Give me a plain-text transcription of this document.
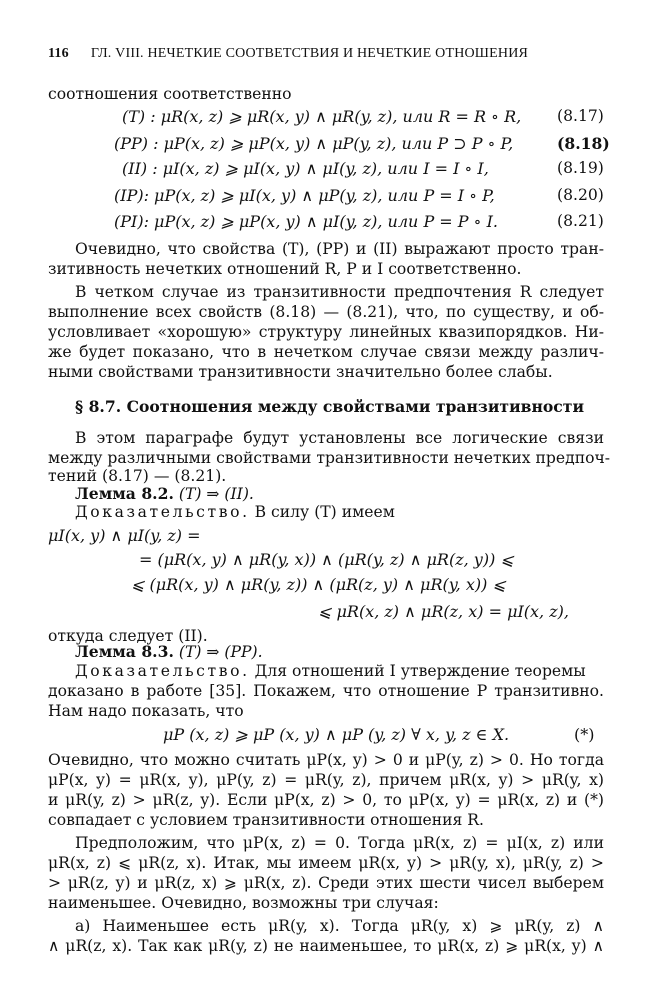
116 ГЛ. VIII. НЕЧЕТКИЕ СООТВЕТСТВИЯ И НЕЧЕТКИЕ ОТНОШЕНИЯ
соотношения соответственно
(T) : μR(x, z) ⩾ μR(x, y) ∧ μR(y, z), или R = R ∘ R,	(8.17)
(PP) : μP(x, z) ⩾ μP(x, y) ∧ μP(y, z), или P ⊃ P ∘ P,	(8.18)
(II) : μI(x, z) ⩾ μI(x, y) ∧ μI(y, z), или I = I ∘ I,	(8.19)
(IP): μP(x, z) ⩾ μI(x, y) ∧ μP(y, z), или P = I ∘ P,	(8.20)
(PI): μP(x, z) ⩾ μP(x, y) ∧ μI(y, z), или P = P ∘ I.	(8.21)
Очевидно, что свойства (T), (PP) и (II) выражают просто тран-
зитивность нечетких отношений R, P и I соответственно.
В четком случае из транзитивности предпочтения R следует
выполнение всех свойств (8.18) — (8.21), что, по существу, и об-
условливает «хорошую» структуру линейных квазипорядков. Ни-
же будет показано, что в нечетком случае связи между различ-
ными свойствами транзитивности значительно более слабы.
§ 8.7. Соотношения между свойствами транзитивности
В этом параграфе будут установлены все логические связи
между различными свойствами транзитивности нечетких предпоч-
тений (8.17) — (8.21).
Лемма 8.2. (T) ⇒ (II).
Доказательство. В силу (T) имеем
μI(x, y) ∧ μI(y, z) =
= (μR(x, y) ∧ μR(y, x)) ∧ (μR(y, z) ∧ μR(z, y)) ⩽
⩽ (μR(x, y) ∧ μR(y, z)) ∧ (μR(z, y) ∧ μR(y, x)) ⩽
⩽ μR(x, z) ∧ μR(z, x) = μI(x, z),
откуда следует (II).
Лемма 8.3. (T) ⇒ (PP).
Доказательство. Для отношений I утверждение теоремы
доказано в работе [35]. Покажем, что отношение P транзитивно.
Нам надо показать, что
μP (x, z) ⩾ μP (x, y) ∧ μP (y, z) ∀ x, y, z ∈ X.	(*)
Очевидно, что можно считать μP(x, y) > 0 и μP(y, z) > 0. Но тогда
μP(x, y) = μR(x, y), μP(y, z) = μR(y, z), причем μR(x, y) > μR(y, x)
и μR(y, z) > μR(z, y). Если μP(x, z) > 0, то μP(x, y) = μR(x, z) и (*)
совпадает с условием транзитивности отношения R.
Предположим, что μP(x, z) = 0. Тогда μR(x, z) = μI(x, z) или
μR(x, z) ⩽ μR(z, x). Итак, мы имеем μR(x, y) > μR(y, x), μR(y, z) >
> μR(z, y) и μR(z, x) ⩾ μR(x, z). Среди этих шести чисел выберем
наименьшее. Очевидно, возможны три случая:
а) Наименьшее есть μR(y, x). Тогда μR(y, x) ⩾ μR(y, z) ∧
∧ μR(z, x). Так как μR(y, z) не наименьшее, то μR(x, z) ⩾ μR(x, y) ∧
